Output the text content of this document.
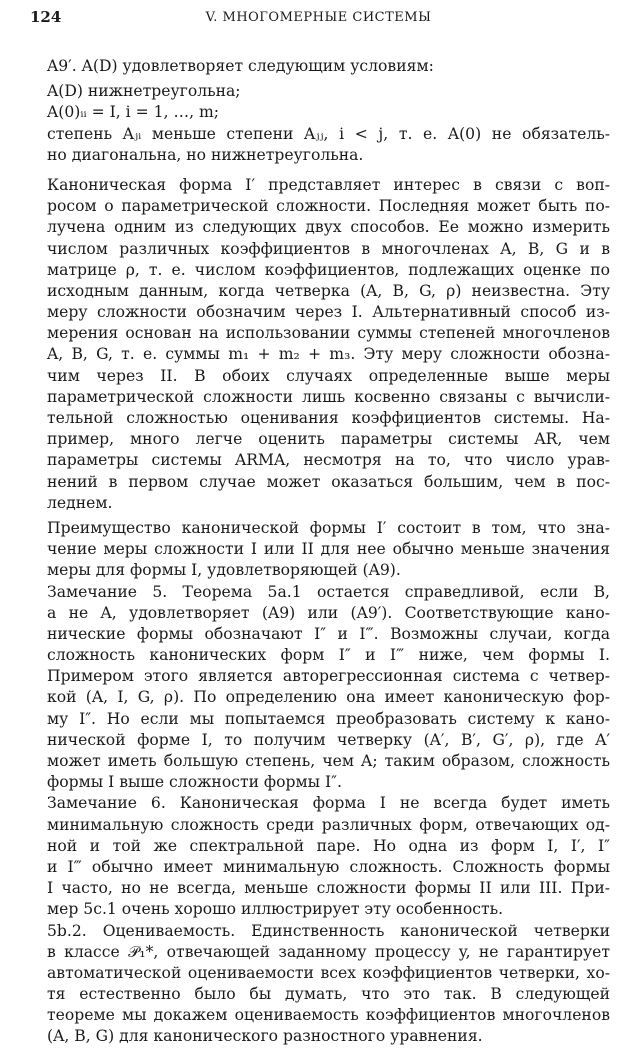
124	V. МНОГОМЕРНЫЕ СИСТЕМЫ
A9′. A(D) удовлетворяет следующим условиям:
A(D) нижнетреугольна;
A(0)ᵢᵢ = I, i = 1, …, m;
степень Aⱼᵢ меньше степени Aⱼⱼ, i < j, т. е. A(0) не обязатель-
но диагональна, но нижнетреугольна.
Каноническая форма I′ представляет интерес в связи с воп-
росом о параметрической сложности. Последняя может быть по-
лучена одним из следующих двух способов. Ее можно измерить
числом различных коэффициентов в многочленах A, B, G и в
матрице ρ, т. е. числом коэффициентов, подлежащих оценке по
исходным данным, когда четверка (A, B, G, ρ) неизвестна. Эту
меру сложности обозначим через I. Альтернативный способ из-
мерения основан на использовании суммы степеней многочленов
A, B, G, т. е. суммы m₁ + m₂ + m₃. Эту меру сложности обозна-
чим через II. В обоих случаях определенные выше меры
параметрической сложности лишь косвенно связаны с вычисли-
тельной сложностью оценивания коэффициентов системы. На-
пример, много легче оценить параметры системы AR, чем
параметры системы ARMA, несмотря на то, что число урав-
нений в первом случае может оказаться большим, чем в пос-
леднем.
Преимущество канонической формы I′ состоит в том, что зна-
чение меры сложности I или II для нее обычно меньше значения
меры для формы I, удовлетворяющей (A9).
Замечание 5. Теорема 5a.1 остается справедливой, если B,
а не A, удовлетворяет (A9) или (A9′). Соответствующие кано-
нические формы обозначают I″ и I‴. Возможны случаи, когда
сложность канонических форм I″ и I‴ ниже, чем формы I.
Примером этого является авторегрессионная система с четвер-
кой (A, I, G, ρ). По определению она имеет каноническую фор-
му I″. Но если мы попытаемся преобразовать систему к кано-
нической форме I, то получим четверку (A′, B′, G′, ρ), где A′
может иметь большую степень, чем A; таким образом, сложность
формы I выше сложности формы I″.
Замечание 6. Каноническая форма I не всегда будет иметь
минимальную сложность среди различных форм, отвечающих од-
ной и той же спектральной паре. Но одна из форм I, I′, I″
и I‴ обычно имеет минимальную сложность. Сложность формы
I часто, но не всегда, меньше сложности формы II или III. При-
мер 5c.1 очень хорошо иллюстрирует эту особенность.
5b.2. Оцениваемость. Единственность канонической четверки
в классе 𝒫₁*, отвечающей заданному процессу y, не гарантирует
автоматической оцениваемости всех коэффициентов четверки, хо-
тя естественно было бы думать, что это так. В следующей
теореме мы докажем оцениваемость коэффициентов многочленов
(A, B, G) для канонического разностного уравнения.
